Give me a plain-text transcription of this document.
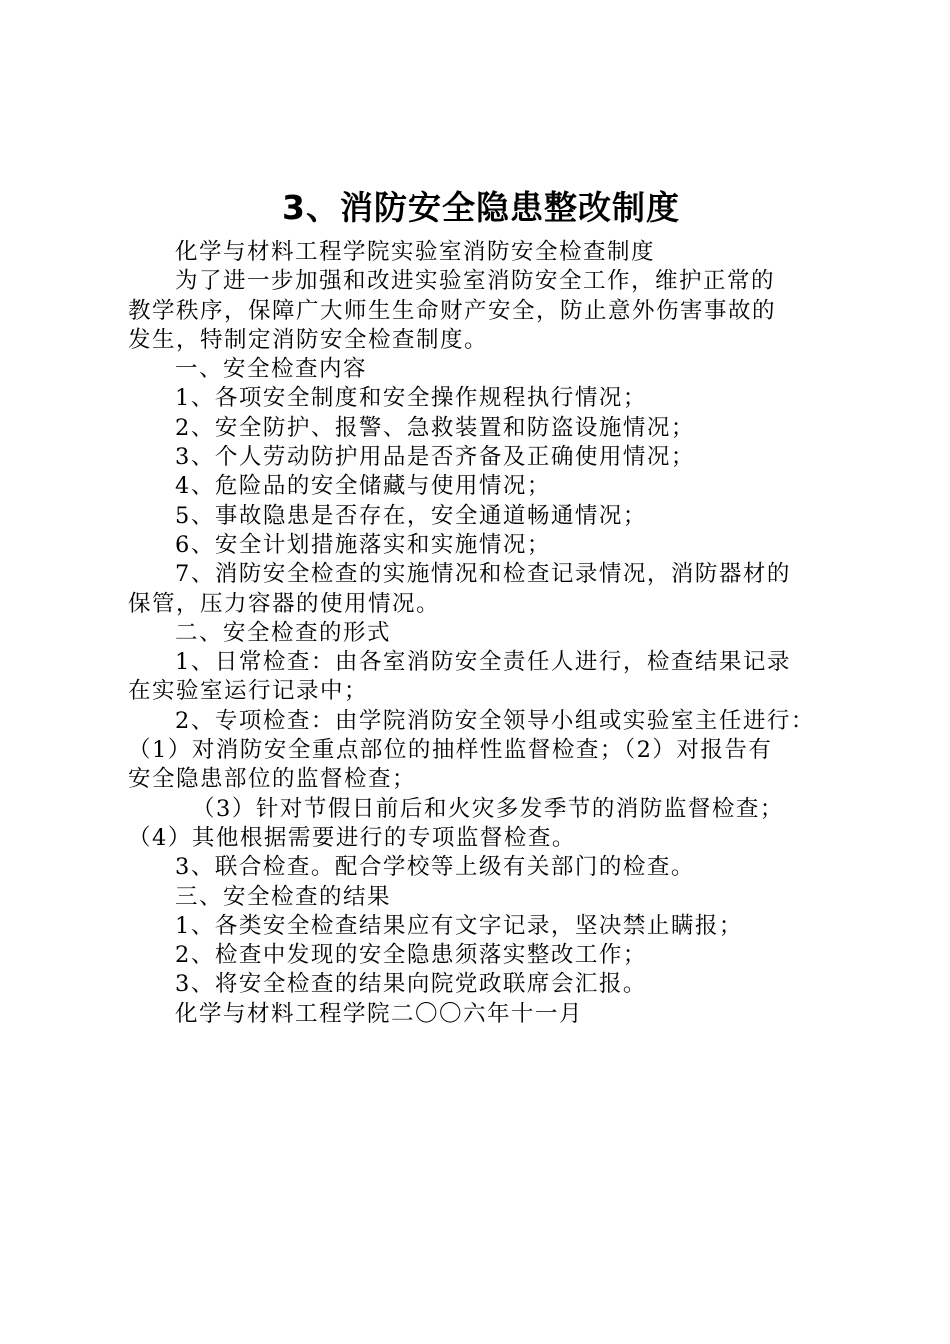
3、消防安全隐患整改制度

化学与材料工程学院实验室消防安全检查制度

为了进一步加强和改进实验室消防安全工作，维护正常的
教学秩序，保障广大师生生命财产安全，防止意外伤害事故的
发生，特制定消防安全检查制度。

一、安全检查内容

1、各项安全制度和安全操作规程执行情况；

2、安全防护、报警、急救装置和防盗设施情况；

3、个人劳动防护用品是否齐备及正确使用情况；

4、危险品的安全储藏与使用情况；

5、事故隐患是否存在，安全通道畅通情况；

6、安全计划措施落实和实施情况；

7、消防安全检查的实施情况和检查记录情况，消防器材的
保管，压力容器的使用情况。

二、安全检查的形式

1、日常检查：由各室消防安全责任人进行，检查结果记录
在实验室运行记录中；

2、专项检查：由学院消防安全领导小组或实验室主任进行：
（1）对消防安全重点部位的抽样性监督检查；（2）对报告有
安全隐患部位的监督检查；

（3）针对节假日前后和火灾多发季节的消防监督检查；
（4）其他根据需要进行的专项监督检查。

3、联合检查。配合学校等上级有关部门的检查。

三、安全检查的结果

1、各类安全检查结果应有文字记录，坚决禁止瞒报；

2、检查中发现的安全隐患须落实整改工作；

3、将安全检查的结果向院党政联席会汇报。

化学与材料工程学院二〇〇六年十一月
